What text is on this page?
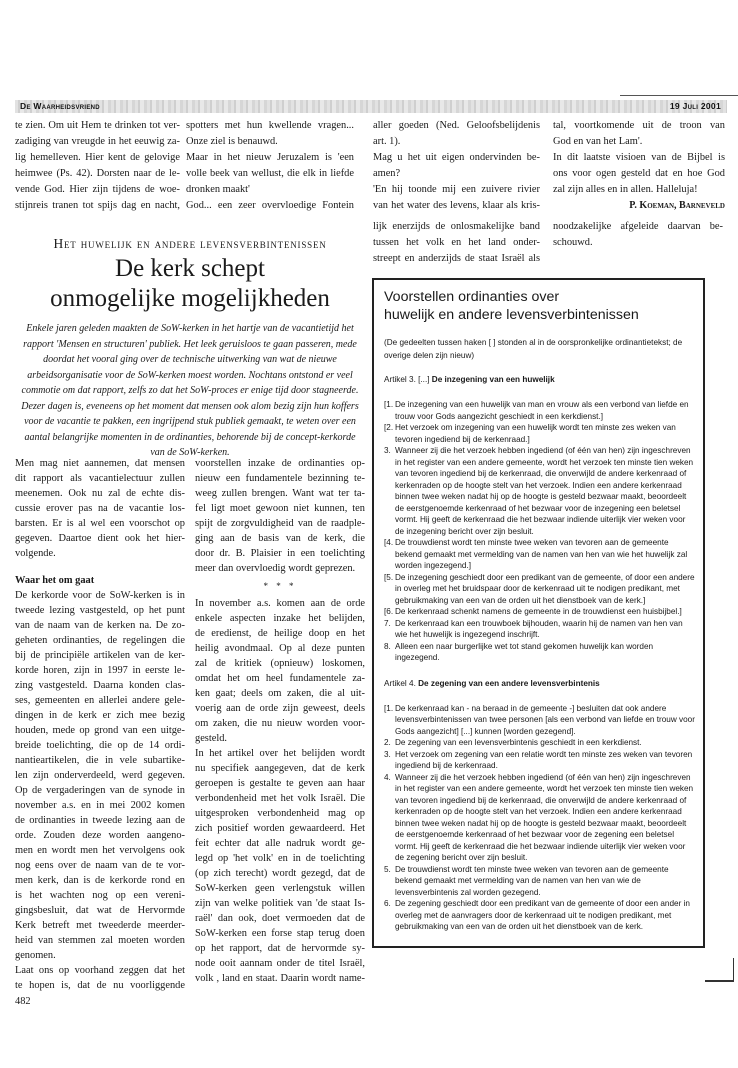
De Waarheidsvriend	19 Juli 2001
te zien. Om uit Hem te drinken tot ver-
zadiging van vreugde in het eeuwig za-
lig hemelleven. Hier kent de gelovige
heimwee (Ps. 42). Dorsten naar de le-
vende God. Hier zijn tijdens de woe-
stijnreis tranen tot spijs dag en nacht,
spotters met hun kwellende vragen...
Onze ziel is benauwd.
Maar in het nieuw Jeruzalem is 'een
volle beek van wellust, die elk in liefde
dronken maakt'
God... een zeer overvloedige Fontein
aller goeden (Ned. Geloofsbelijdenis
art. 1).
Mag u het uit eigen ondervinden be-
amen?
'En hij toonde mij een zuivere rivier
van het water des levens, klaar als kris-
tal, voortkomende uit de troon van
God en van het Lam'.
In dit laatste visioen van de Bijbel is
ons voor ogen gesteld dat en hoe God
zal zijn alles en in allen. Halleluja!
P. Koeman, Barneveld
Het huwelijk en andere levensverbintenissen
De kerk schept
onmogelijke mogelijkheden
Enkele jaren geleden maakten de SoW-kerken in het hartje van de vacantietijd het
rapport 'Mensen en structuren' publiek. Het leek geruisloos te gaan passeren, mede
doordat het vooral ging over de technische uitwerking van wat de nieuwe
arbeidsorganisatie voor de SoW-kerken moest worden. Nochtans ontstond er veel
commotie om dat rapport, zelfs zo dat het SoW-proces er enige tijd door stagneerde.
Dezer dagen is, eveneens op het moment dat mensen ook alom bezig zijn hun koffers
voor de vacantie te pakken, een ingrijpend stuk publiek gemaakt, te weten over een
aantal belangrijke momenten in de ordinanties, behorende bij de concept-kerkorde
van de SoW-kerken.
Men mag niet aannemen, dat mensen
dit rapport als vacantielectuur zullen
meenemen. Ook nu zal de echte dis-
cussie erover pas na de vacantie los-
barsten. Er is al wel een voorschot op
gegeven. Daartoe dient ook het hier-
volgende.
Waar het om gaat
De kerkorde voor de SoW-kerken is in
tweede lezing vastgesteld, op het punt
van de naam van de kerken na. De zo-
geheten ordinanties, de regelingen die
bij de principiële artikelen van de ker-
korde horen, zijn in 1997 in eerste le-
zing vastgesteld. Daarna konden clas-
ses, gemeenten en allerlei andere gele-
dingen in de kerk er zich mee bezig
houden, mede op grond van een uitge-
breide toelichting, die op de 14 ordi-
nantieartikelen, die in vele subartike-
len zijn onderverdeeld, werd gegeven.
Op de vergaderingen van de synode in
november a.s. en in mei 2002 komen
de ordinanties in tweede lezing aan de
orde. Zouden deze worden aangeno-
men en wordt men het vervolgens ook
nog eens over de naam van de te vor-
men kerk, dan is de kerkorde rond en
is het wachten nog op een vereni-
gingsbesluit, dat wat de Hervormde
Kerk betreft met tweederde meerder-
heid van stemmen zal moeten worden
genomen.
Laat ons op voorhand zeggen dat het
te hopen is, dat de nu voorliggende
482
voorstellen inzake de ordinanties op-
nieuw een fundamentele bezinning te-
weeg zullen brengen. Want wat ter ta-
fel ligt moet gewoon niet kunnen, ten
spijt de zorgvuldigheid van de raadple-
ging aan de basis van de kerk, die
door dr. B. Plaisier in een toelichting
meer dan overvloedig wordt geprezen.
* * *
In november a.s. komen aan de orde
enkele aspecten inzake het belijden,
de eredienst, de heilige doop en het
heilig avondmaal. Op al deze punten
zal de kritiek (opnieuw) loskomen,
omdat het om heel fundamentele za-
ken gaat; deels om zaken, die al uit-
voerig aan de orde zijn geweest, deels
om zaken, die nu nieuw worden voor-
gesteld.
In het artikel over het belijden wordt
nu specifiek aangegeven, dat de kerk
geroepen is gestalte te geven aan haar
verbondenheid met het volk Israël. Die
uitgesproken verbondenheid mag op
zich positief worden gewaardeerd. Het
feit echter dat alle nadruk wordt ge-
legd op 'het volk' en in de toelichting
(op zich terecht) wordt gezegd, dat de
SoW-kerken geen verlengstuk willen
zijn van welke politiek van 'de staat Is-
raël' dan ook, doet vermoeden dat de
SoW-kerken een forse stap terug doen
op het rapport, dat de hervormde sy-
node ooit aannam onder de titel Israël,
volk , land en staat. Daarin wordt name-
lijk enerzijds de onlosmakelijke band
tussen het volk en het land onder-
streept en anderzijds de staat Israël als
noodzakelijke afgeleide daarvan be-
schouwd.
Voorstellen ordinanties over
huwelijk en andere levensverbintenissen
(De gedeelten tussen haken [ ] stonden al in de oorspronkelijke ordinantietekst; de overige delen zijn nieuw)
Artikel 3. [...] De inzegening van een huwelijk
[1. De inzegening van een huwelijk van man en vrouw als een verbond van liefde en trouw voor Gods aangezicht geschiedt in een kerkdienst.]
[2. Het verzoek om inzegening van een huwelijk wordt ten minste zes weken van tevoren ingediend bij de kerkenraad.]
3. Wanneer zij die het verzoek hebben ingediend (of één van hen) zijn ingeschreven in het register van een andere gemeente, wordt het verzoek ten minste tien weken van tevoren ingediend bij de kerkenraad, die onverwijld de andere kerkenraad of kerkenraden op de hoogte stelt van het verzoek. Indien een andere kerkenraad binnen twee weken nadat hij op de hoogte is gesteld bezwaar maakt, beoordeelt de eerstgenoemde kerkenraad of het bezwaar voor de inzegening een beletsel vormt. Hij geeft de kerkenraad die het bezwaar indiende uiterlijk vier weken voor de inzegening bericht over zijn besluit.
[4. De trouwdienst wordt ten minste twee weken van tevoren aan de gemeente bekend gemaakt met vermelding van de namen van hen van wie het huwelijk zal worden ingezegend.]
[5. De inzegening geschiedt door een predikant van de gemeente, of door een andere in overleg met het bruidspaar door de kerkenraad uit te nodigen predikant, met gebruikmaking van een van de orden uit het dienstboek van de kerk.]
[6. De kerkenraad schenkt namens de gemeente in de trouwdienst een huisbijbel.]
7. De kerkenraad kan een trouwboek bijhouden, waarin hij de namen van hen van wie het huwelijk is ingezegend inschrijft.
8. Alleen een naar burgerlijke wet tot stand gekomen huwelijk kan worden ingezegend.
Artikel 4. De zegening van een andere levensverbintenis
[1. De kerkenraad kan - na beraad in de gemeente -] besluiten dat ook andere levensverbintenissen van twee personen [als een verbond van liefde en trouw voor Gods aangezicht] [...] kunnen [worden gezegend].
2. De zegening van een levensverbintenis geschiedt in een kerkdienst.
3. Het verzoek om zegening van een relatie wordt ten minste zes weken van tevoren ingediend bij de kerkenraad.
4. Wanneer zij die het verzoek hebben ingediend (of één van hen) zijn ingeschreven in het register van een andere gemeente, wordt het verzoek ten minste tien weken van tevoren ingediend bij de kerkenraad, die onverwijld de andere kerkenraad of kerkenraden op de hoogte stelt van het verzoek. Indien een andere kerkenraad binnen twee weken nadat hij op de hoogte is gesteld bezwaar maakt, beoordeelt de eerstgenoemde kerkenraad of het bezwaar voor de zegening een beletsel vormt. Hij geeft de kerkenraad die het bezwaar indiende uiterlijk vier weken voor de zegening bericht over zijn besluit.
5. De trouwdienst wordt ten minste twee weken van tevoren aan de gemeente bekend gemaakt met vermelding van de namen van hen van wie de levensverbintenis zal worden gezegend.
6. De zegening geschiedt door een predikant van de gemeente of door een ander in overleg met de aanvragers door de kerkenraad uit te nodigen predikant, met gebruikmaking van een van de orden uit het dienstboek van de kerk.
